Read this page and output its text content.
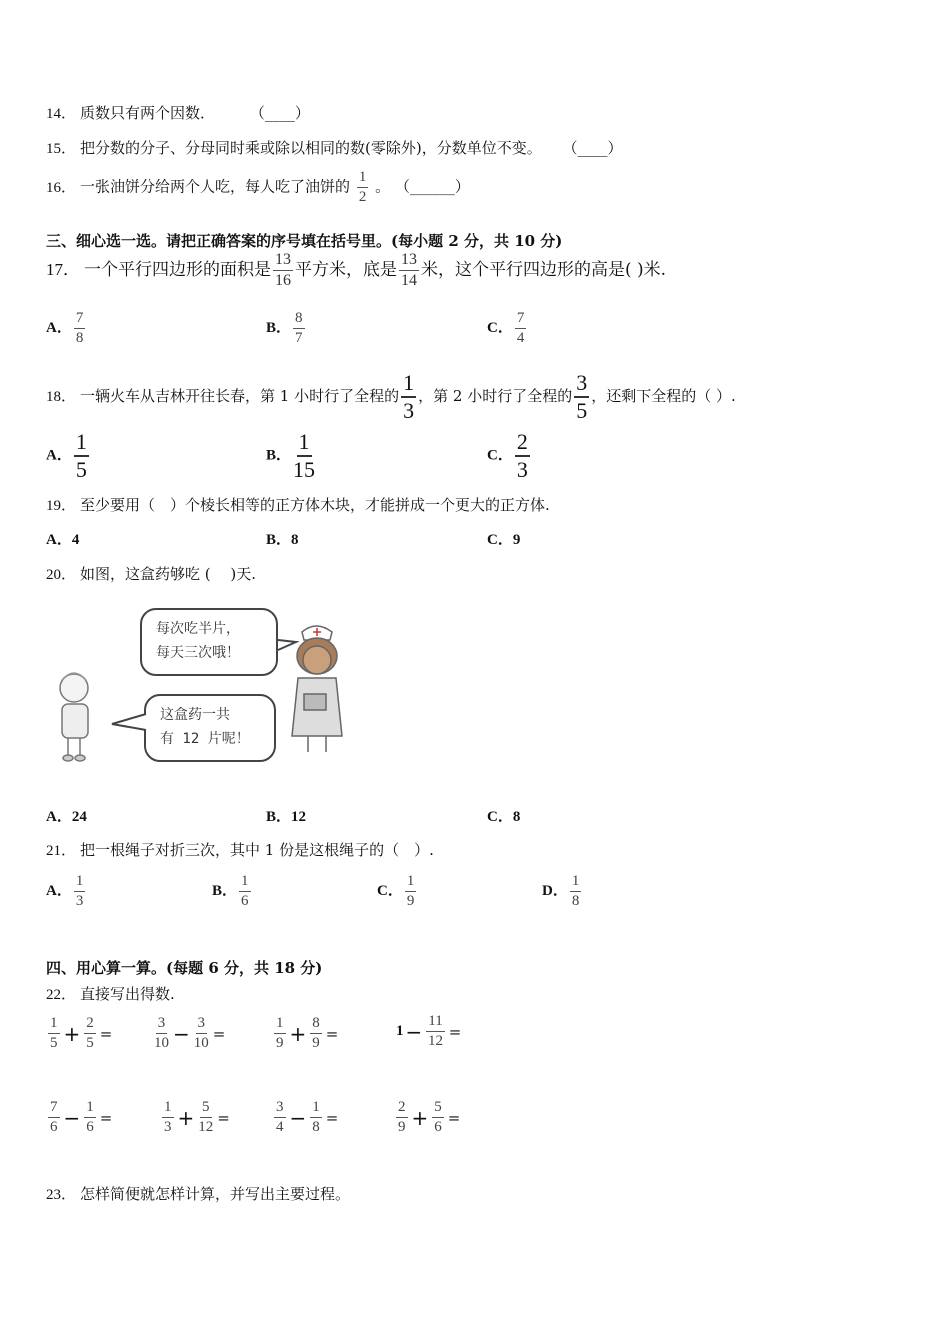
14． 质数只有两个因数． （____）
15． 把分数的分子、分母同时乘或除以相同的数(零除外)，分数单位不变。 （____）
16． 一张油饼分给两个人吃，每人吃了油饼的 $\frac{1}{2}$ 。 （______）
三、细心选一选。请把正确答案的序号填在括号里。(每小题 2 分，共 10 分)
17． 一个平行四边形的面积是 $\frac{13}{16}$ 平方米，底是 $\frac{13}{14}$ 米，这个平行四边形的高是( )米.
A． $\frac{7}{8}$	B． $\frac{8}{7}$	C． $\frac{7}{4}$
18． 一辆火车从吉林开往长春，第 1 小时行了全程的 $\frac{1}{3}$ ，第 2 小时行了全程的 $\frac{3}{5}$ ，还剩下全程的（ ）.
A． $\frac{1}{5}$	B． $\frac{1}{15}$	C． $\frac{2}{3}$
19． 至少要用（　）个棱长相等的正方体木块，才能拼成一个更大的正方体.
A．4	B．8	C．9
20． 如图，这盒药够吃 (　 )天.
每次吃半片，
每天三次哦！
这盒药一共
有 12 片呢！
A．24	B．12	C．8
21． 把一根绳子对折三次，其中 1 份是这根绳子的（　）.
A． $\frac{1}{3}$	B． $\frac{1}{6}$	C． $\frac{1}{9}$	D． $\frac{1}{8}$
四、用心算一算。(每题 6 分，共 18 分)
22． 直接写出得数.
$\frac{1}{5} + \frac{2}{5}$ =	$\frac{3}{10} - \frac{3}{10}$ =	$\frac{1}{9} + \frac{8}{9}$ =	$1 - \frac{11}{12}$ =
$\frac{7}{6} - \frac{1}{6}$ =	$\frac{1}{3} + \frac{5}{12}$ =	$\frac{3}{4} - \frac{1}{8}$ =	$\frac{2}{9} + \frac{5}{6}$ =
23． 怎样简便就怎样计算，并写出主要过程。
